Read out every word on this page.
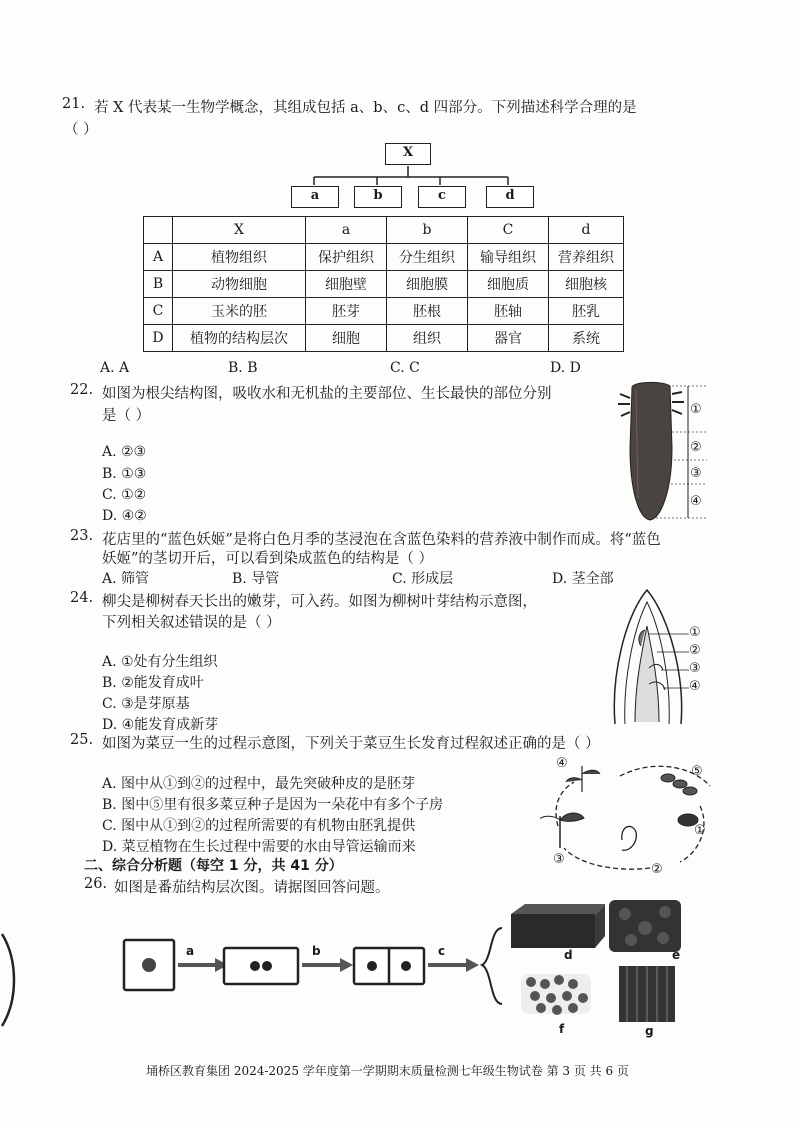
21. 若 X 代表某一生物学概念，其组成包括 a、b、c、d 四部分。下列描述科学合理的是
（ ）
X
a	b	c	d
	X	a	b	C	d
A	植物组织	保护组织	分生组织	输导组织	营养组织
B	动物细胞	细胞壁	细胞膜	细胞质	细胞核
C	玉米的胚	胚芽	胚根	胚轴	胚乳
D	植物的结构层次	细胞	组织	器官	系统
A. A	B. B	C. C	D. D
22. 如图为根尖结构图，吸收水和无机盐的主要部位、生长最快的部位分别
是（ ）
A. ②③
B. ①③
C. ①②
D. ④②
①
②
③
④
23. 花店里的“蓝色妖姬”是将白色月季的茎浸泡在含蓝色染料的营养液中制作而成。将“蓝色
妖姬”的茎切开后，可以看到染成蓝色的结构是（ ）
A. 筛管	B. 导管	C. 形成层	D. 茎全部
24. 柳尖是柳树春天长出的嫩芽，可入药。如图为柳树叶芽结构示意图，
下列相关叙述错误的是（ ）
A. ①处有分生组织
B. ②能发育成叶
C. ③是芽原基
D. ④能发育成新芽
①
②
③
④
25. 如图为菜豆一生的过程示意图，下列关于菜豆生长发育过程叙述正确的是（ ）
A. 图中从①到②的过程中，最先突破种皮的是胚芽
B. 图中⑤里有很多菜豆种子是因为一朵花中有多个子房
C. 图中从①到②的过程所需要的有机物由胚乳提供
D. 菜豆植物在生长过程中需要的水由导管运输而来
④
⑤
①
②
③
二、综合分析题（每空 1 分，共 41 分）
26. 如图是番茄结构层次图。请据图回答问题。
a	b	c	d	e
f	g
埇桥区教育集团 2024-2025 学年度第一学期期末质量检测七年级生物试卷 第 3 页 共 6 页
